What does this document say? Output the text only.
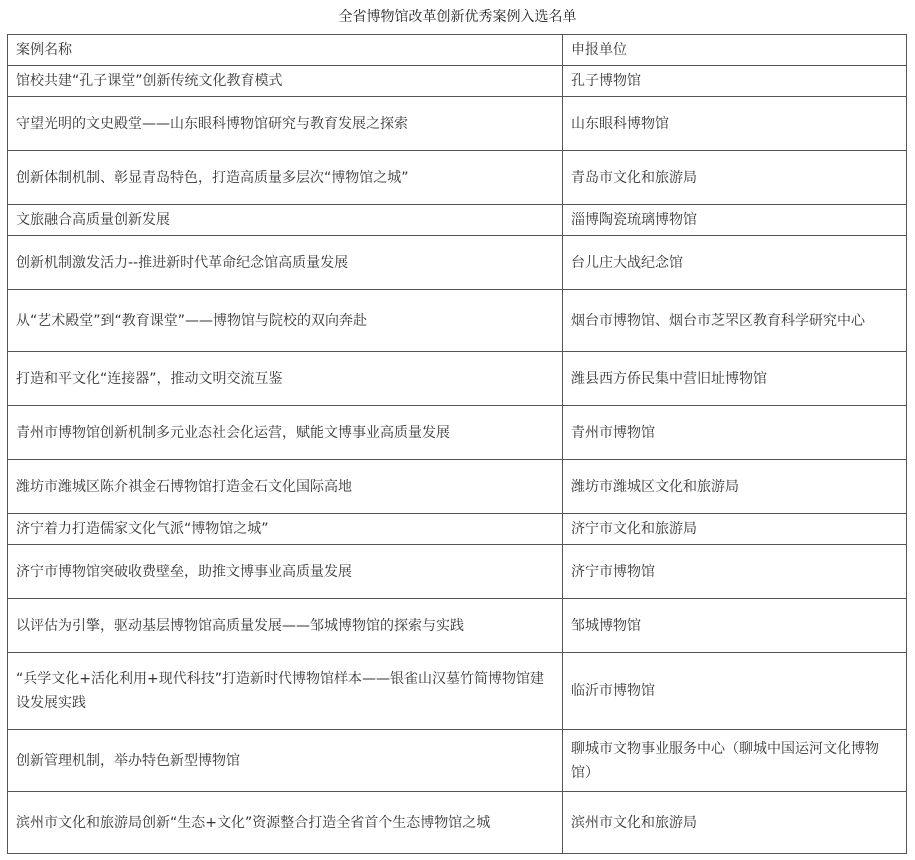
全省博物馆改革创新优秀案例入选名单
案例名称	申报单位
馆校共建“孔子课堂”创新传统文化教育模式	孔子博物馆
守望光明的文史殿堂——山东眼科博物馆研究与教育发展之探索	山东眼科博物馆
创新体制机制、彰显青岛特色，打造高质量多层次“博物馆之城”	青岛市文化和旅游局
文旅融合高质量创新发展	淄博陶瓷琉璃博物馆
创新机制激发活力--推进新时代革命纪念馆高质量发展	台儿庄大战纪念馆
从“艺术殿堂”到“教育课堂”——博物馆与院校的双向奔赴	烟台市博物馆、烟台市芝罘区教育科学研究中心
打造和平文化“连接器”，推动文明交流互鉴	潍县西方侨民集中营旧址博物馆
青州市博物馆创新机制多元业态社会化运营，赋能文博事业高质量发展	青州市博物馆
潍坊市潍城区陈介祺金石博物馆打造金石文化国际高地	潍坊市潍城区文化和旅游局
济宁着力打造儒家文化气派“博物馆之城”	济宁市文化和旅游局
济宁市博物馆突破收费壁垒，助推文博事业高质量发展	济宁市博物馆
以评估为引擎，驱动基层博物馆高质量发展——邹城博物馆的探索与实践	邹城博物馆
“兵学文化+活化利用+现代科技”打造新时代博物馆样本——银雀山汉墓竹简博物馆建设发展实践	临沂市博物馆
创新管理机制，举办特色新型博物馆	聊城市文物事业服务中心（聊城中国运河文化博物馆）
滨州市文化和旅游局创新“生态+文化”资源整合打造全省首个生态博物馆之城	滨州市文化和旅游局
